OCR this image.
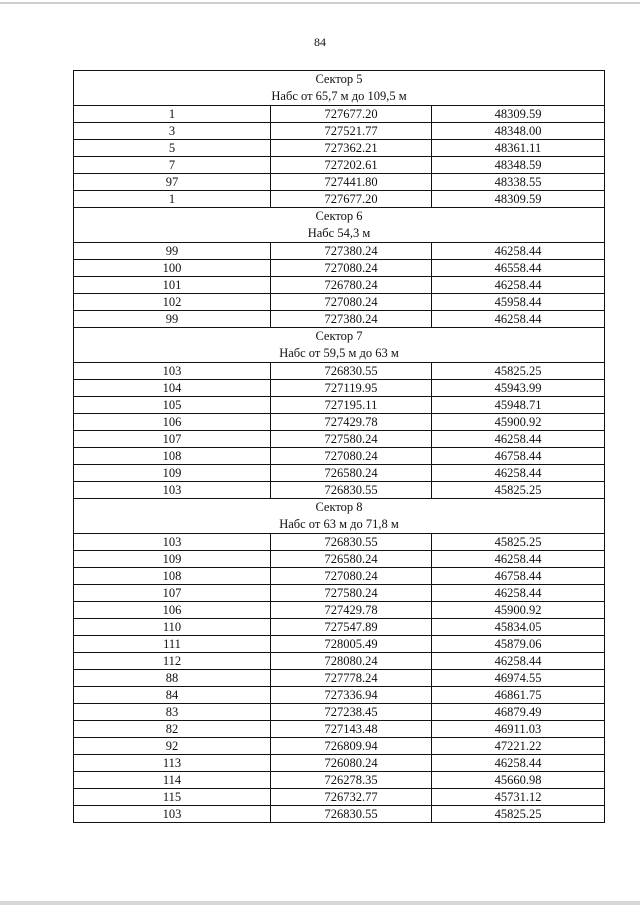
84
Сектор 5
Набс от 65,7 м до 109,5 м		

1	727677.20	48309.59
3	727521.77	48348.00
5	727362.21	48361.11
7	727202.61	48348.59
97	727441.80	48338.55
1	727677.20	48309.59

Сектор 6
Набс 54,3 м		

99	727380.24	46258.44
100	727080.24	46558.44
101	726780.24	46258.44
102	727080.24	45958.44
99	727380.24	46258.44

Сектор 7
Набс от 59,5 м до 63 м		

103	726830.55	45825.25
104	727119.95	45943.99
105	727195.11	45948.71
106	727429.78	45900.92
107	727580.24	46258.44
108	727080.24	46758.44
109	726580.24	46258.44
103	726830.55	45825.25

Сектор 8
Набс от 63 м до 71,8 м		

103	726830.55	45825.25
109	726580.24	46258.44
108	727080.24	46758.44
107	727580.24	46258.44
106	727429.78	45900.92
110	727547.89	45834.05
111	728005.49	45879.06
112	728080.24	46258.44
88	727778.24	46974.55
84	727336.94	46861.75
83	727238.45	46879.49
82	727143.48	46911.03
92	726809.94	47221.22
113	726080.24	46258.44
114	726278.35	45660.98
115	726732.77	45731.12
103	726830.55	45825.25
